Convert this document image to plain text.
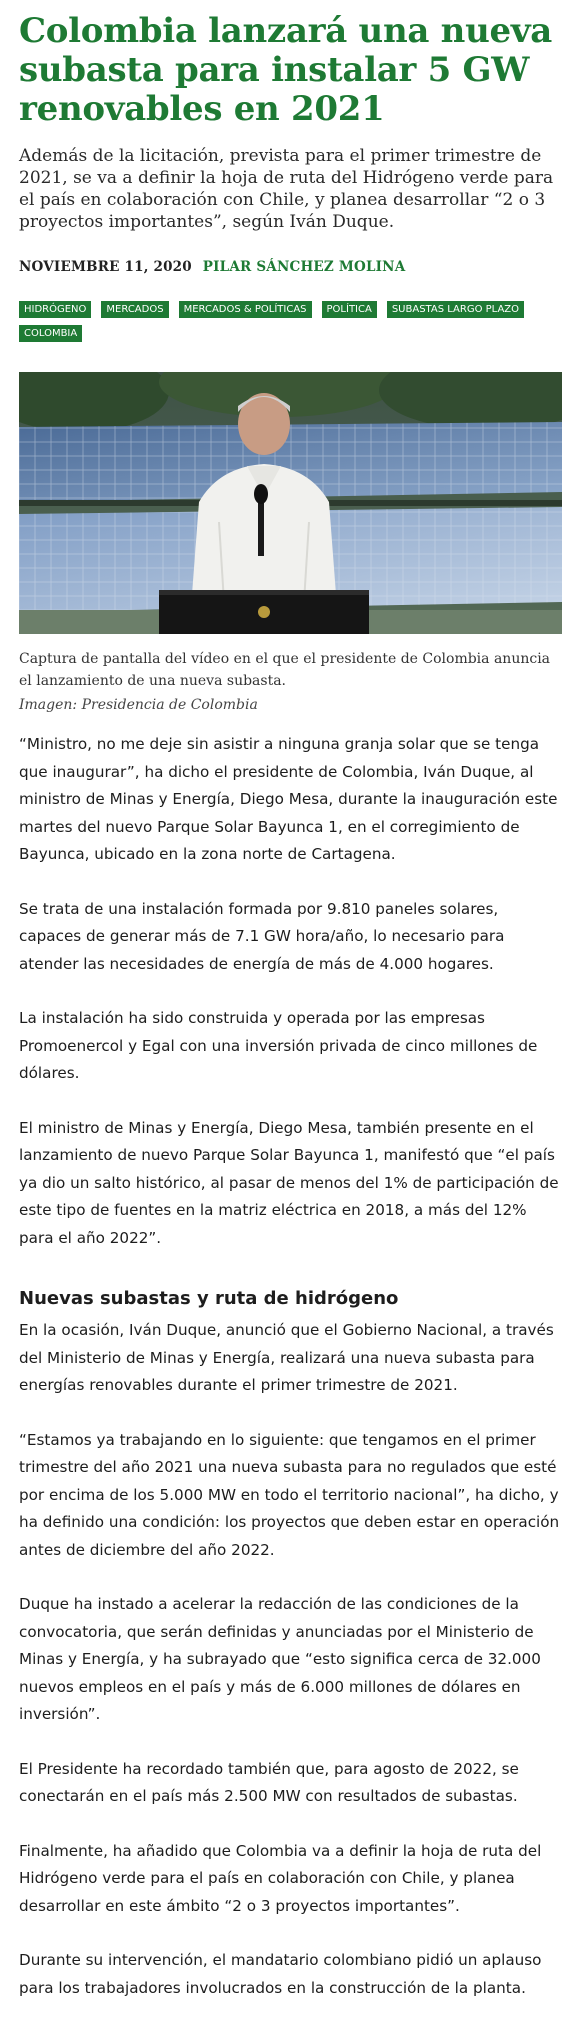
Colombia lanzará una nueva subasta para instalar 5 GW renovables en 2021

Además de la licitación, prevista para el primer trimestre de 2021, se va a definir la hoja de ruta del Hidrógeno verde para el país en colaboración con Chile, y planea desarrollar “2 o 3 proyectos importantes”, según Iván Duque.

NOVIEMBRE 11, 2020 PILAR SÁNCHEZ MOLINA
HIDRÓGENO MERCADOS MERCADOS & POLÍTICAS POLÍTICA SUBASTAS LARGO PLAZO COLOMBIA
Captura de pantalla del vídeo en el que el presidente de Colombia anuncia el lanzamiento de una nueva subasta.
Imagen: Presidencia de Colombia

“Ministro, no me deje sin asistir a ninguna granja solar que se tenga que inaugurar”, ha dicho el presidente de Colombia, Iván Duque, al ministro de Minas y Energía, Diego Mesa, durante la inauguración este martes del nuevo Parque Solar Bayunca 1, en el corregimiento de Bayunca, ubicado en la zona norte de Cartagena.

Se trata de una instalación formada por 9.810 paneles solares, capaces de generar más de 7.1 GW hora/año, lo necesario para atender las necesidades de energía de más de 4.000 hogares.

La instalación ha sido construida y operada por las empresas Promoenercol y Egal con una inversión privada de cinco millones de dólares.

El ministro de Minas y Energía, Diego Mesa, también presente en el lanzamiento de nuevo Parque Solar Bayunca 1, manifestó que “el país ya dio un salto histórico, al pasar de menos del 1% de participación de este tipo de fuentes en la matriz eléctrica en 2018, a más del 12% para el año 2022”.

Nuevas subastas y ruta de hidrógeno

En la ocasión, Iván Duque, anunció que el Gobierno Nacional, a través del Ministerio de Minas y Energía, realizará una nueva subasta para energías renovables durante el primer trimestre de 2021.

“Estamos ya trabajando en lo siguiente: que tengamos en el primer trimestre del año 2021 una nueva subasta para no regulados que esté por encima de los 5.000 MW en todo el territorio nacional”, ha dicho, y ha definido una condición: los proyectos que deben estar en operación antes de diciembre del año 2022.

Duque ha instado a acelerar la redacción de las condiciones de la convocatoria, que serán definidas y anunciadas por el Ministerio de Minas y Energía, y ha subrayado que “esto significa cerca de 32.000 nuevos empleos en el país y más de 6.000 millones de dólares en inversión”.

El Presidente ha recordado también que, para agosto de 2022, se conectarán en el país más 2.500 MW con resultados de subastas.

Finalmente, ha añadido que Colombia va a definir la hoja de ruta del Hidrógeno verde para el país en colaboración con Chile, y planea desarrollar en este ámbito “2 o 3 proyectos importantes”.

Durante su intervención, el mandatario colombiano pidió un aplauso para los trabajadores involucrados en la construcción de la planta.
